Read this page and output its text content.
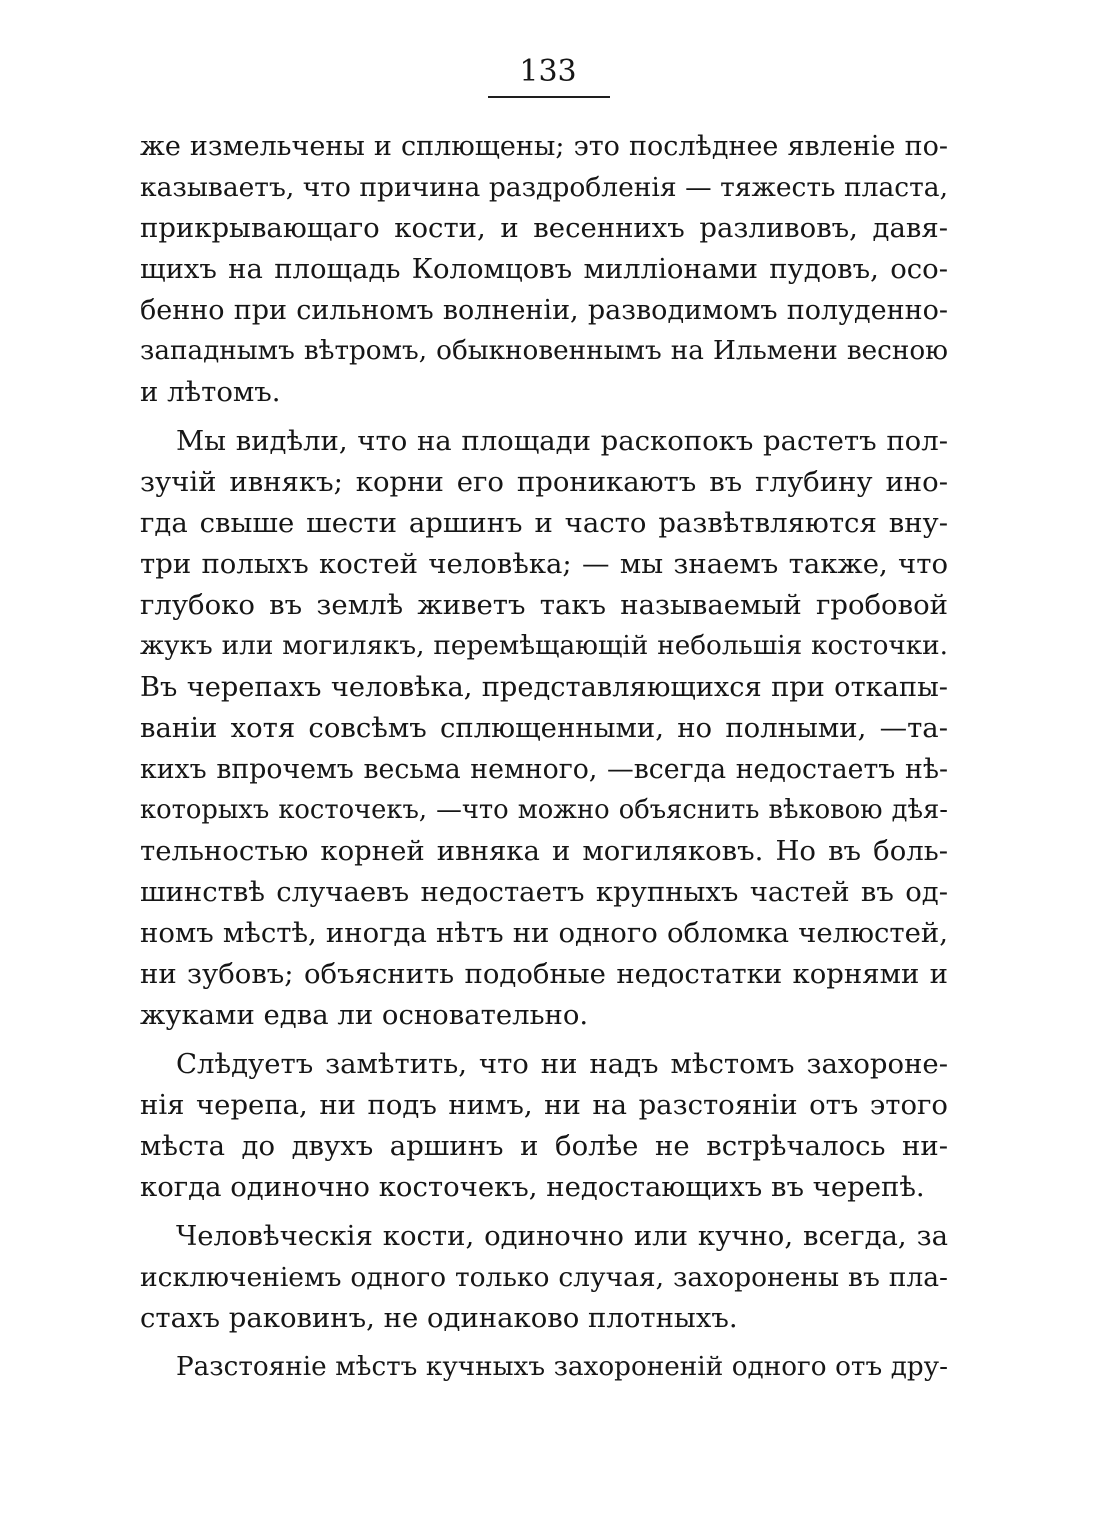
133
же измельчены и сплющены; это послѣднее явленіе по-
казываетъ, что причина раздробленія — тяжесть пласта,
прикрывающаго кости, и весеннихъ разливовъ, давя-
щихъ на площадь Коломцовъ милліонами пудовъ, осо-
бенно при сильномъ волненіи, разводимомъ полуденно-
западнымъ вѣтромъ, обыкновеннымъ на Ильмени весною
и лѣтомъ.
Мы видѣли, что на площади раскопокъ растетъ пол-
зучій ивнякъ; корни его проникаютъ въ глубину ино-
гда свыше шести аршинъ и часто развѣтвляются вну-
три полыхъ костей человѣка; — мы знаемъ также, что
глубоко въ землѣ живетъ такъ называемый гробовой
жукъ или могилякъ, перемѣщающій небольшія косточки.
Въ черепахъ человѣка, представляющихся при откапы-
ваніи хотя совсѣмъ сплющенными, но полными, —та-
кихъ впрочемъ весьма немного, —всегда недостаетъ нѣ-
которыхъ косточекъ, —что можно объяснить вѣковою дѣя-
тельностью корней ивняка и могиляковъ. Но въ боль-
шинствѣ случаевъ недостаетъ крупныхъ частей въ од-
номъ мѣстѣ, иногда нѣтъ ни одного обломка челюстей,
ни зубовъ; объяснить подобные недостатки корнями и
жуками едва ли основательно.
Слѣдуетъ замѣтить, что ни надъ мѣстомъ захороне-
нія черепа, ни подъ нимъ, ни на разстояніи отъ этого
мѣста до двухъ аршинъ и болѣе не встрѣчалось ни-
когда одиночно косточекъ, недостающихъ въ черепѣ.
Человѣческія кости, одиночно или кучно, всегда, за
исключеніемъ одного только случая, захоронены въ пла-
стахъ раковинъ, не одинаково плотныхъ.
Разстояніе мѣстъ кучныхъ захороненій одного отъ дру-
